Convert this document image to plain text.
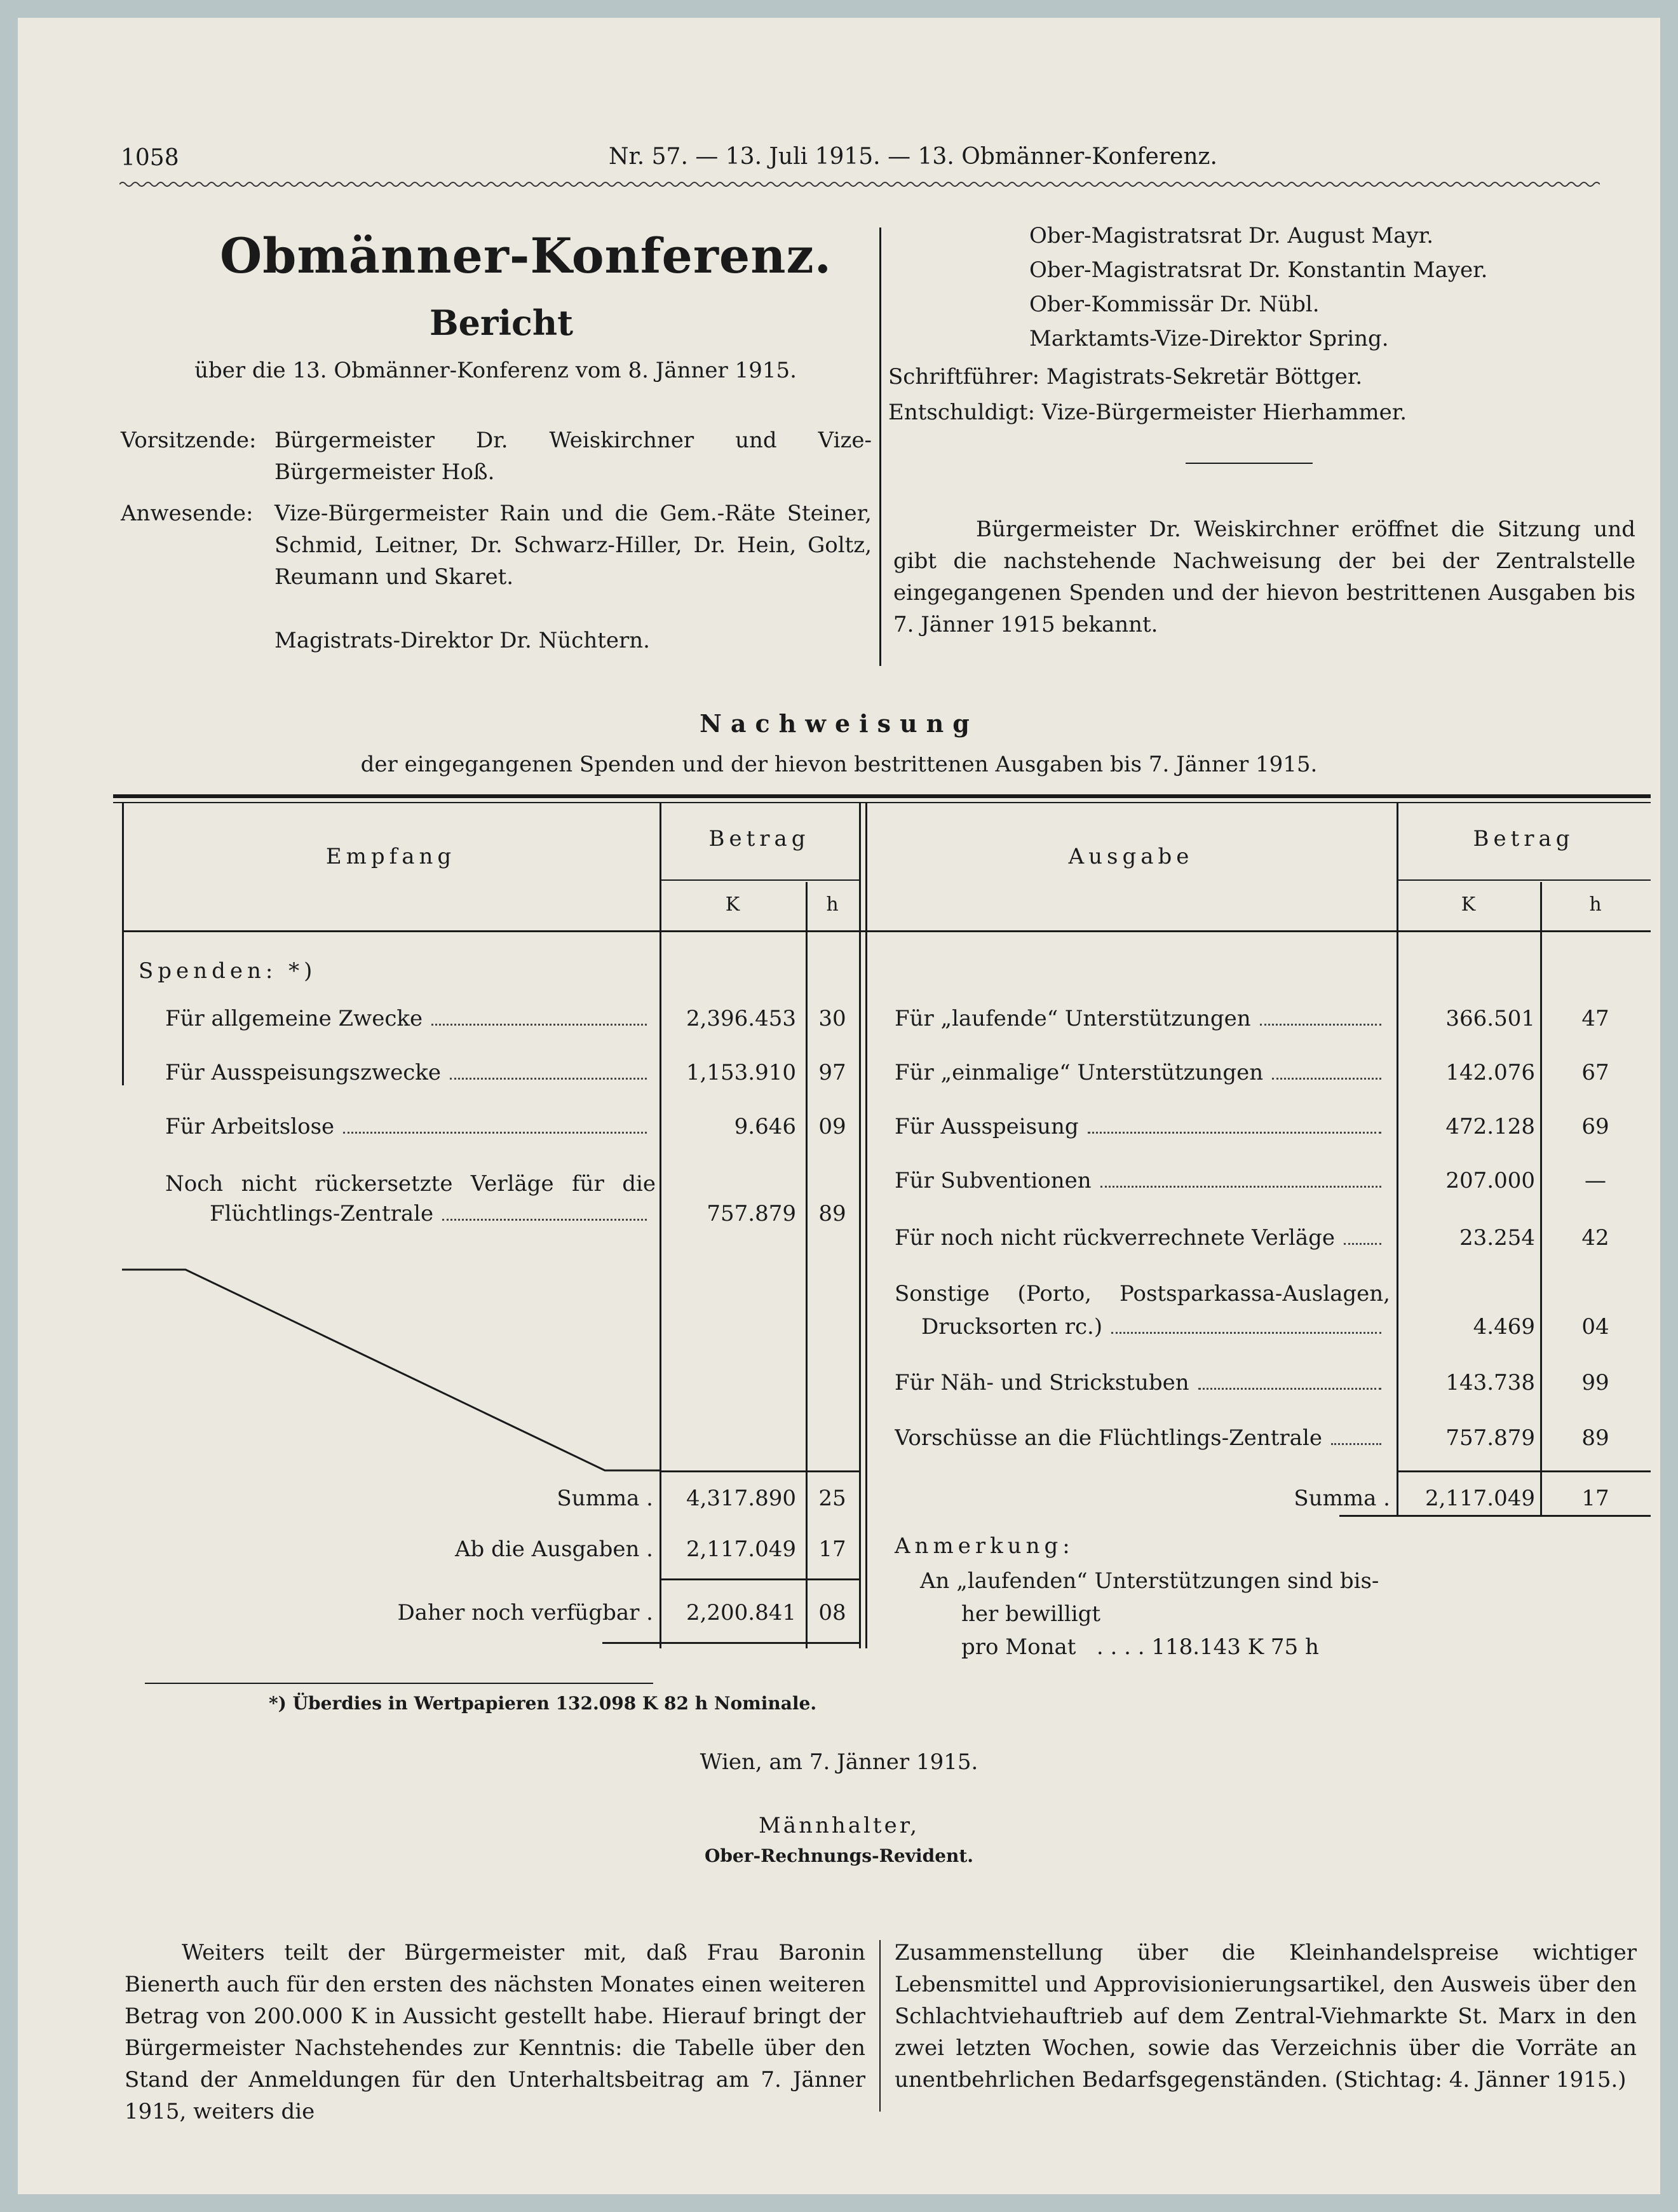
1058	Nr. 57. — 13. Juli 1915. — 13. Obmänner-Konferenz.
Obmänner-Konferenz.
Bericht
über die 13. Obmänner-Konferenz vom 8. Jänner 1915.
Vorsitzende: Bürgermeister Dr. Weiskirchner und Vize-Bürgermeister Hoß.
Anwesende: Vize-Bürgermeister Rain und die Gem.-Räte Steiner, Schmid, Leitner, Dr. Schwarz-Hiller, Dr. Hein, Goltz, Reumann und Skaret.
Magistrats-Direktor Dr. Nüchtern.
Ober-Magistratsrat Dr. August Mayr.
Ober-Magistratsrat Dr. Konstantin Mayer.
Ober-Kommissär Dr. Nübl.
Marktamts-Vize-Direktor Spring.
Schriftführer: Magistrats-Sekretär Böttger.
Entschuldigt: Vize-Bürgermeister Hierhammer.
Bürgermeister Dr. Weiskirchner eröffnet die Sitzung und gibt die nachstehende Nachweisung der bei der Zentralstelle eingegangenen Spenden und der hievon bestrittenen Ausgaben bis 7. Jänner 1915 bekannt.
Nachweisung
der eingegangenen Spenden und der hievon bestrittenen Ausgaben bis 7. Jänner 1915.
Empfang
Betrag
K	h
Ausgabe
Betrag
K	h
Spenden: *)
Für allgemeine Zwecke	2,396.453	30
Für Ausspeisungszwecke	1,153.910	97
Für Arbeitslose	9.646	09
Noch nicht rückersetzte Verläge für die
Flüchtlings-Zentrale	757.879	89
Summa .	4,317.890	25
Ab die Ausgaben .	2,117.049	17
Daher noch verfügbar .	2,200.841	08
Für „laufende“ Unterstützungen	366.501	47
Für „einmalige“ Unterstützungen	142.076	67
Für Ausspeisung	472.128	69
Für Subventionen	207.000	—
Für noch nicht rückverrechnete Verläge	23.254	42
Sonstige (Porto, Postsparkassa-Auslagen,
Drucksorten rc.)	4.469	04
Für Näh- und Strickstuben	143.738	99
Vorschüsse an die Flüchtlings-Zentrale	757.879	89
Summa .	2,117.049	17
Anmerkung:
An „laufenden“ Unterstützungen sind bis-
her bewilligt
pro Monat   . . . . 118.143 K 75 h
*) Überdies in Wertpapieren 132.098 K 82 h Nominale.
Wien, am 7. Jänner 1915.
Männhalter,
Ober-Rechnungs-Revident.
Weiters teilt der Bürgermeister mit, daß Frau Baronin Bienerth auch für den ersten des nächsten Monates einen weiteren Betrag von 200.000 K in Aussicht gestellt habe. Hierauf bringt der Bürgermeister Nachstehendes zur Kenntnis: die Tabelle über den Stand der Anmeldungen für den Unterhaltsbeitrag am 7. Jänner 1915, weiters die
Zusammenstellung über die Kleinhandelspreise wichtiger Lebensmittel und Approvisionierungsartikel, den Ausweis über den Schlachtviehauftrieb auf dem Zentral-Viehmarkte St. Marx in den zwei letzten Wochen, sowie das Verzeichnis über die Vorräte an unentbehrlichen Bedarfsgegenständen. (Stichtag: 4. Jänner 1915.)
